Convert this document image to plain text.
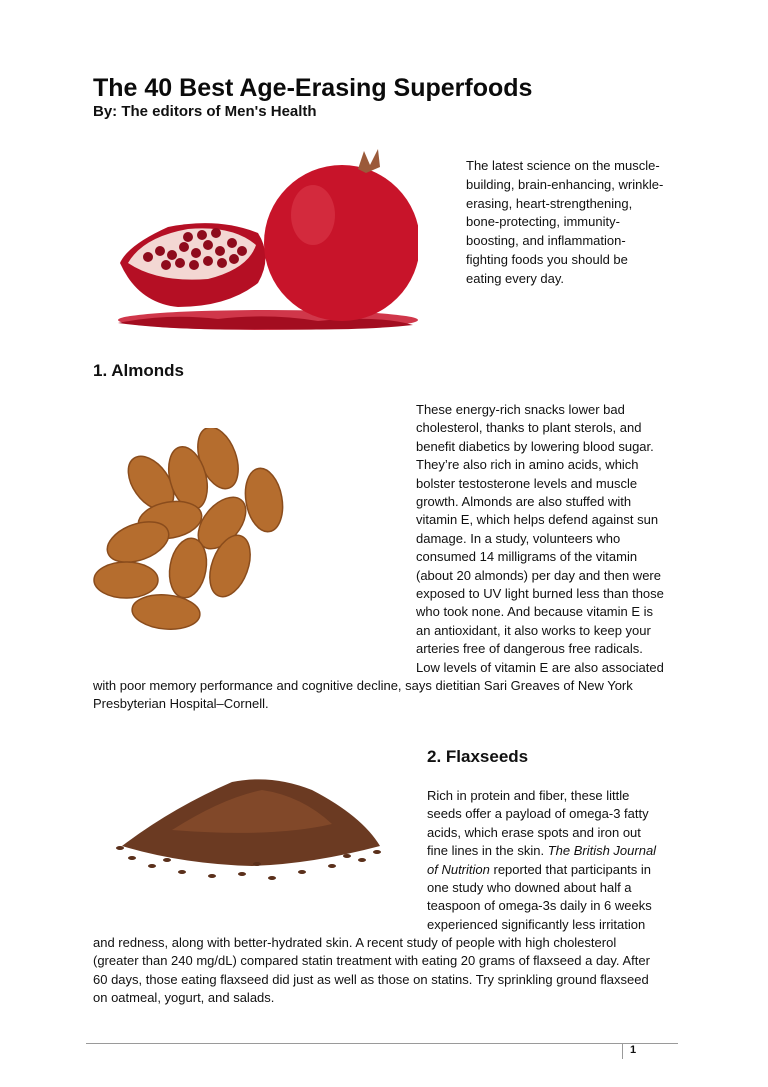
The 40 Best Age-Erasing Superfoods
By: The editors of Men's Health
The latest science on the muscle-
building, brain-enhancing, wrinkle-
erasing, heart-strengthening,
bone-protecting, immunity-
boosting, and inflammation-
fighting foods you should be
eating every day.
1. Almonds
These energy-rich snacks lower bad
cholesterol, thanks to plant sterols, and
benefit diabetics by lowering blood sugar.
They’re also rich in amino acids, which
bolster testosterone levels and muscle
growth. Almonds are also stuffed with
vitamin E, which helps defend against sun
damage. In a study, volunteers who
consumed 14 milligrams of the vitamin
(about 20 almonds) per day and then were
exposed to UV light burned less than those
who took none. And because vitamin E is
an antioxidant, it also works to keep your
arteries free of dangerous free radicals.
Low levels of vitamin E are also associated
with poor memory performance and cognitive decline, says dietitian Sari Greaves of New York
Presbyterian Hospital–Cornell.
2. Flaxseeds
Rich in protein and fiber, these little
seeds offer a payload of omega-3 fatty
acids, which erase spots and iron out
fine lines in the skin. The British Journal
of Nutrition reported that participants in
one study who downed about half a
teaspoon of omega-3s daily in 6 weeks
experienced significantly less irritation
and redness, along with better-hydrated skin. A recent study of people with high cholesterol
(greater than 240 mg/dL) compared statin treatment with eating 20 grams of flaxseed a day. After
60 days, those eating flaxseed did just as well as those on statins. Try sprinkling ground flaxseed
on oatmeal, yogurt, and salads.
1
